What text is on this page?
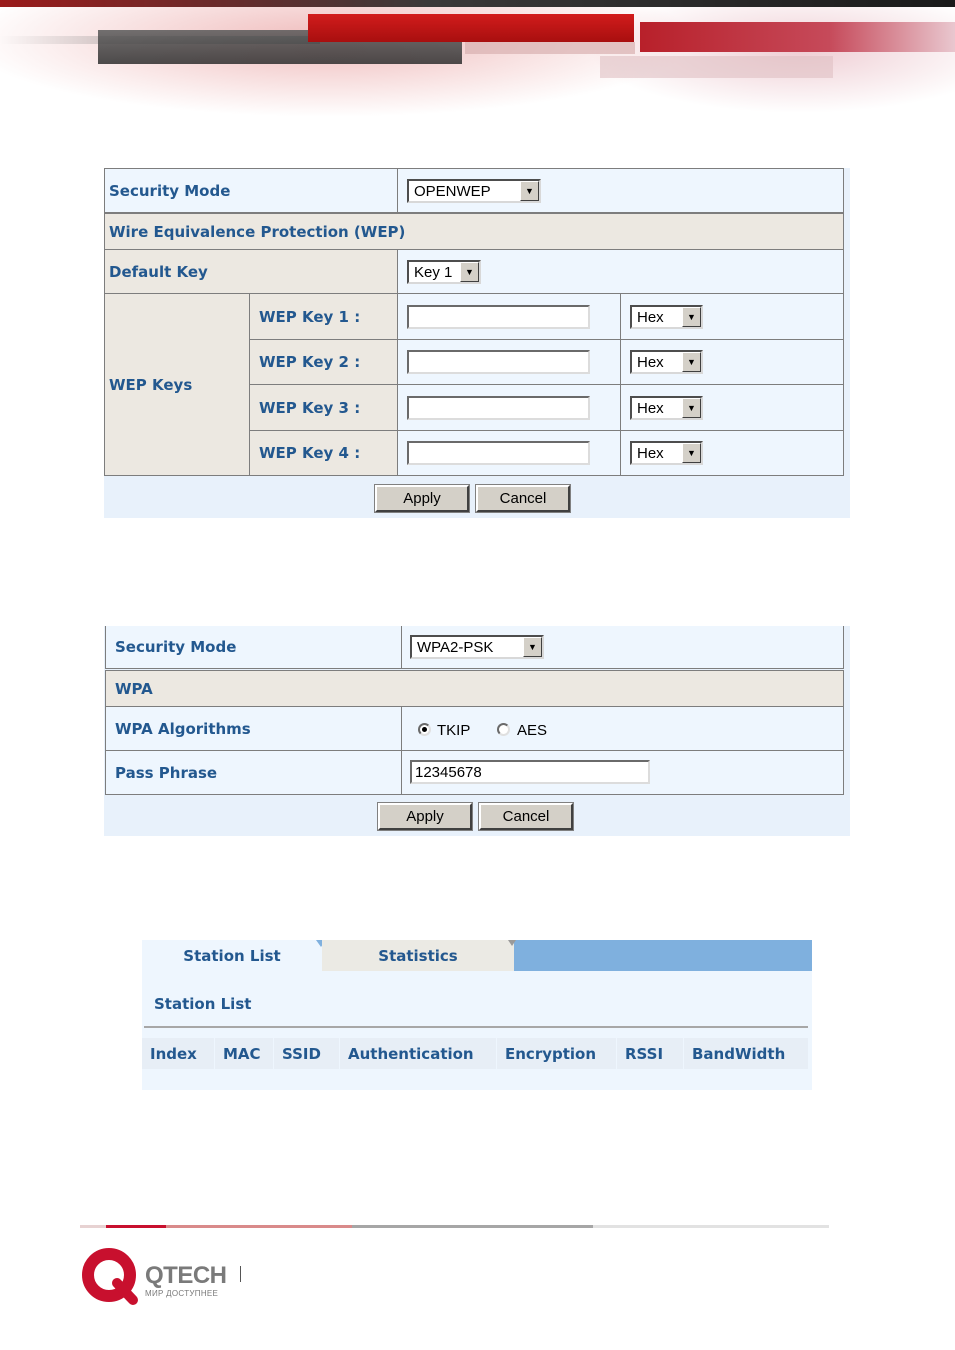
Security Mode	OPENWEP	▼
Wire Equivalence Protection (WEP)
Default Key	Key 1	▼
WEP Keys
WEP Key 1 :	Hex	▼
WEP Key 2 :	Hex	▼
WEP Key 3 :	Hex	▼
WEP Key 4 :	Hex	▼
Apply	Cancel
Security Mode	WPA2-PSK	▼
WPA
WPA Algorithms	TKIP	AES
Pass Phrase	12345678
Apply	Cancel
Station List	Statistics
Station List
Index	MAC	SSID	Authentication	Encryption	RSSI	BandWidth
QTECH
МИР ДОСТУПНЕЕ
